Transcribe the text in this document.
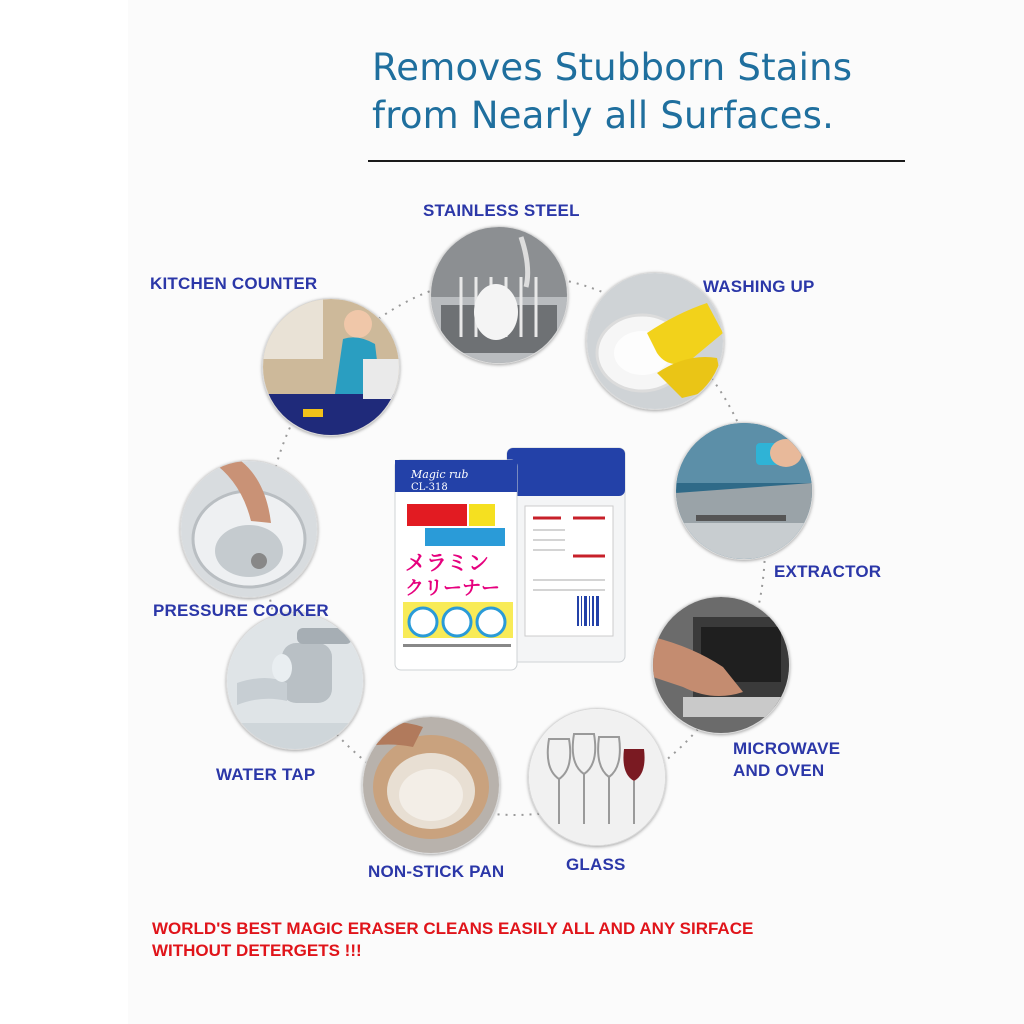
Removes Stubborn Stains
from Nearly all Surfaces.
STAINLESS STEEL
WASHING UP
EXTRACTOR
MICROWAVE
AND OVEN
GLASS
NON-STICK PAN
WATER TAP
PRESSURE COOKER
KITCHEN COUNTER
Magic rub
CL-318
メラミン
クリーナー
WORLD'S BEST MAGIC ERASER CLEANS EASILY ALL AND ANY SIRFACE
WITHOUT DETERGETS !!!
